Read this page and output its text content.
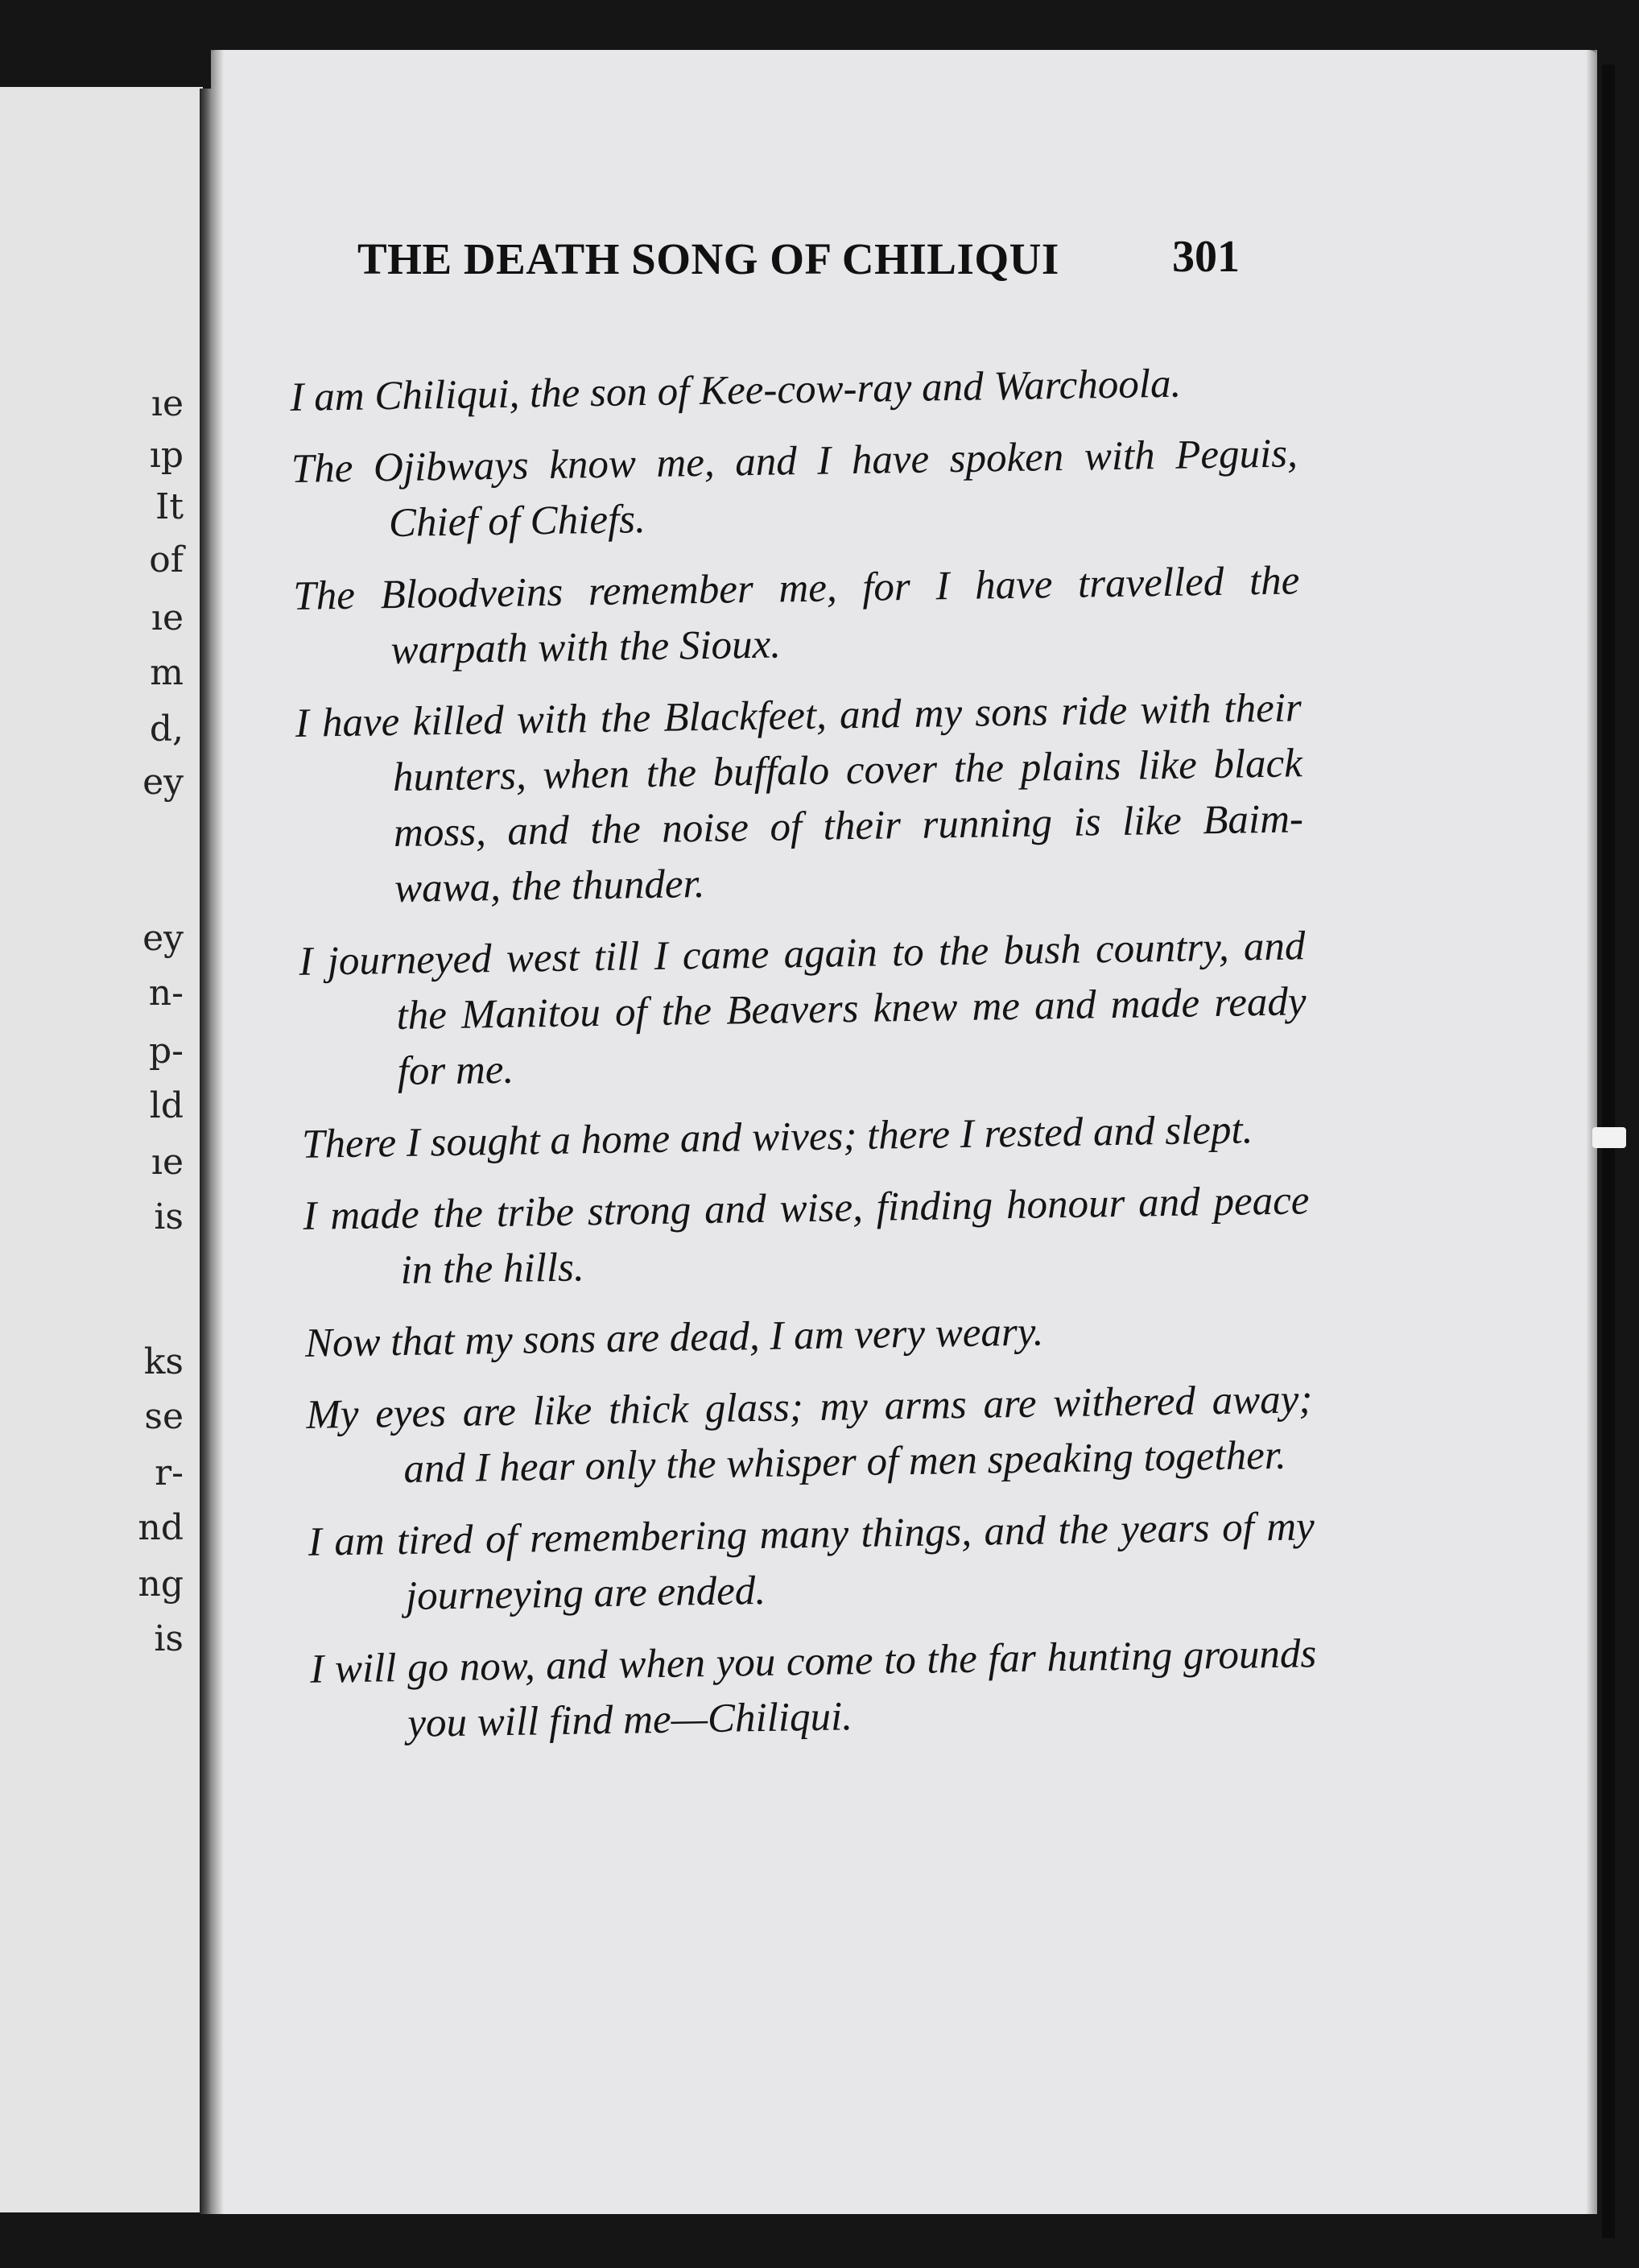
ıe
ıp
It
of
ıe
m
d,
ey
ey
n-
p-
ld
ıe
is
ks
se
r-
nd
ng
is
THE DEATH SONG OF CHILIQUI	301
I am Chiliqui, the son of Kee-cow-ray and Warchoola.
The Ojibways know me, and I have spoken with Peguis, Chief of Chiefs.
The Bloodveins remember me, for I have travelled the warpath with the Sioux.
I have killed with the Blackfeet, and my sons ride with their hunters, when the buffalo cover the plains like black moss, and the noise of their running is like Baim-wawa, the thunder.
I journeyed west till I came again to the bush country, and the Manitou of the Beavers knew me and made ready for me.
There I sought a home and wives; there I rested and slept.
I made the tribe strong and wise, finding honour and peace in the hills.
Now that my sons are dead, I am very weary.
My eyes are like thick glass; my arms are withered away; and I hear only the whisper of men speaking together.
I am tired of remembering many things, and the years of my journeying are ended.
I will go now, and when you come to the far hunting grounds you will find me—Chiliqui.
